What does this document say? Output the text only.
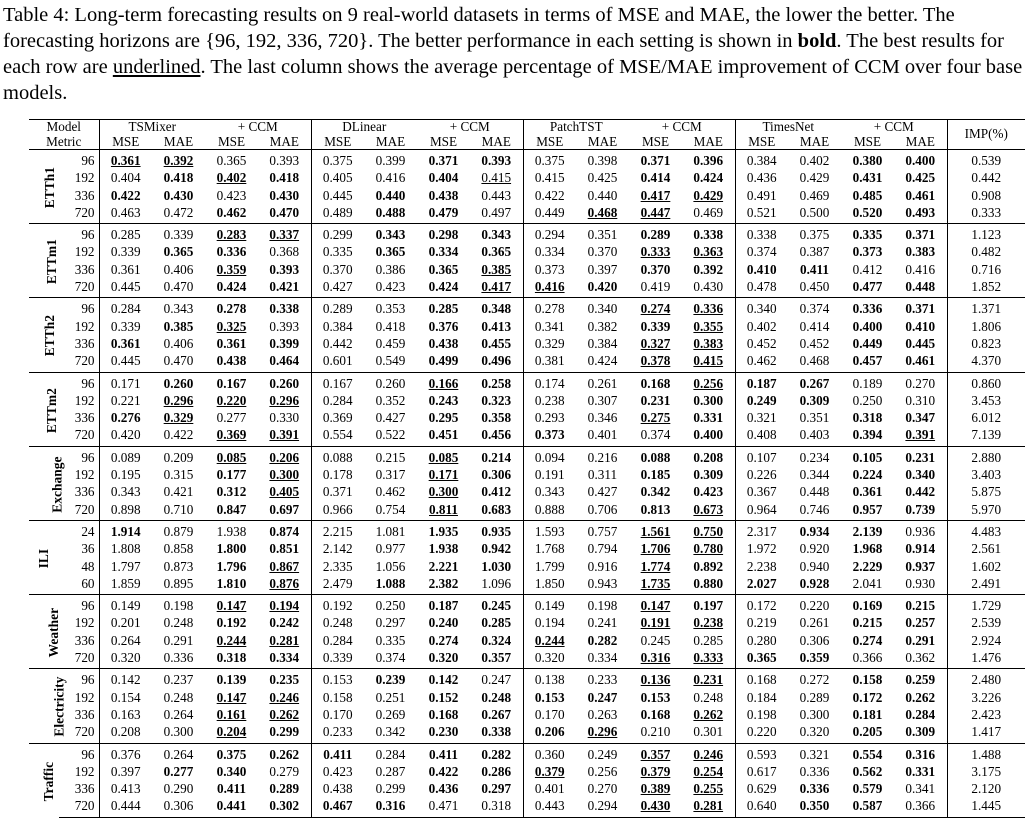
Table 4: Long-term forecasting results on 9 real-world datasets in terms of MSE and MAE, the lower the better. The forecasting horizons are {96, 192, 336, 720}. The better performance in each setting is shown in bold. The best results for each row are underlined. The last column shows the average percentage of MSE/MAE improvement of CCM over four base models.
Model		TSMixer		+ CCM		DLinear		+ CCM		PatchTST		+ CCM		TimesNet		+ CCM		IMP(%)
Metric		MSE	MAE	MSE	MAE	MSE	MAE	MSE	MAE	MSE	MAE	MSE	MAE	MSE	MAE	MSE	MAE	
ETTh1	96	0.361	0.392	0.365	0.393	0.375	0.399	0.371	0.393	0.375	0.398	0.371	0.396	0.384	0.402	0.380	0.400	0.539
	192	0.404	0.418	0.402	0.418	0.405	0.416	0.404	0.415	0.415	0.425	0.414	0.424	0.436	0.429	0.431	0.425	0.442
	336	0.422	0.430	0.423	0.430	0.445	0.440	0.438	0.443	0.422	0.440	0.417	0.429	0.491	0.469	0.485	0.461	0.908
	720	0.463	0.472	0.462	0.470	0.489	0.488	0.479	0.497	0.449	0.468	0.447	0.469	0.521	0.500	0.520	0.493	0.333
ETTm1	96	0.285	0.339	0.283	0.337	0.299	0.343	0.298	0.343	0.294	0.351	0.289	0.338	0.338	0.375	0.335	0.371	1.123
	192	0.339	0.365	0.336	0.368	0.335	0.365	0.334	0.365	0.334	0.370	0.333	0.363	0.374	0.387	0.373	0.383	0.482
	336	0.361	0.406	0.359	0.393	0.370	0.386	0.365	0.385	0.373	0.397	0.370	0.392	0.410	0.411	0.412	0.416	0.716
	720	0.445	0.470	0.424	0.421	0.427	0.423	0.424	0.417	0.416	0.420	0.419	0.430	0.478	0.450	0.477	0.448	1.852
ETTh2	96	0.284	0.343	0.278	0.338	0.289	0.353	0.285	0.348	0.278	0.340	0.274	0.336	0.340	0.374	0.336	0.371	1.371
	192	0.339	0.385	0.325	0.393	0.384	0.418	0.376	0.413	0.341	0.382	0.339	0.355	0.402	0.414	0.400	0.410	1.806
	336	0.361	0.406	0.361	0.399	0.442	0.459	0.438	0.455	0.329	0.384	0.327	0.383	0.452	0.452	0.449	0.445	0.823
	720	0.445	0.470	0.438	0.464	0.601	0.549	0.499	0.496	0.381	0.424	0.378	0.415	0.462	0.468	0.457	0.461	4.370
ETTm2	96	0.171	0.260	0.167	0.260	0.167	0.260	0.166	0.258	0.174	0.261	0.168	0.256	0.187	0.267	0.189	0.270	0.860
	192	0.221	0.296	0.220	0.296	0.284	0.352	0.243	0.323	0.238	0.307	0.231	0.300	0.249	0.309	0.250	0.310	3.453
	336	0.276	0.329	0.277	0.330	0.369	0.427	0.295	0.358	0.293	0.346	0.275	0.331	0.321	0.351	0.318	0.347	6.012
	720	0.420	0.422	0.369	0.391	0.554	0.522	0.451	0.456	0.373	0.401	0.374	0.400	0.408	0.403	0.394	0.391	7.139
Exchange	96	0.089	0.209	0.085	0.206	0.088	0.215	0.085	0.214	0.094	0.216	0.088	0.208	0.107	0.234	0.105	0.231	2.880
	192	0.195	0.315	0.177	0.300	0.178	0.317	0.171	0.306	0.191	0.311	0.185	0.309	0.226	0.344	0.224	0.340	3.403
	336	0.343	0.421	0.312	0.405	0.371	0.462	0.300	0.412	0.343	0.427	0.342	0.423	0.367	0.448	0.361	0.442	5.875
	720	0.898	0.710	0.847	0.697	0.966	0.754	0.811	0.683	0.888	0.706	0.813	0.673	0.964	0.746	0.957	0.739	5.970
ILI	24	1.914	0.879	1.938	0.874	2.215	1.081	1.935	0.935	1.593	0.757	1.561	0.750	2.317	0.934	2.139	0.936	4.483
	36	1.808	0.858	1.800	0.851	2.142	0.977	1.938	0.942	1.768	0.794	1.706	0.780	1.972	0.920	1.968	0.914	2.561
	48	1.797	0.873	1.796	0.867	2.335	1.056	2.221	1.030	1.799	0.916	1.774	0.892	2.238	0.940	2.229	0.937	1.602
	60	1.859	0.895	1.810	0.876	2.479	1.088	2.382	1.096	1.850	0.943	1.735	0.880	2.027	0.928	2.041	0.930	2.491
Weather	96	0.149	0.198	0.147	0.194	0.192	0.250	0.187	0.245	0.149	0.198	0.147	0.197	0.172	0.220	0.169	0.215	1.729
	192	0.201	0.248	0.192	0.242	0.248	0.297	0.240	0.285	0.194	0.241	0.191	0.238	0.219	0.261	0.215	0.257	2.539
	336	0.264	0.291	0.244	0.281	0.284	0.335	0.274	0.324	0.244	0.282	0.245	0.285	0.280	0.306	0.274	0.291	2.924
	720	0.320	0.336	0.318	0.334	0.339	0.374	0.320	0.357	0.320	0.334	0.316	0.333	0.365	0.359	0.366	0.362	1.476
Electricity	96	0.142	0.237	0.139	0.235	0.153	0.239	0.142	0.247	0.138	0.233	0.136	0.231	0.168	0.272	0.158	0.259	2.480
	192	0.154	0.248	0.147	0.246	0.158	0.251	0.152	0.248	0.153	0.247	0.153	0.248	0.184	0.289	0.172	0.262	3.226
	336	0.163	0.264	0.161	0.262	0.170	0.269	0.168	0.267	0.170	0.263	0.168	0.262	0.198	0.300	0.181	0.284	2.423
	720	0.208	0.300	0.204	0.299	0.233	0.342	0.230	0.338	0.206	0.296	0.210	0.301	0.220	0.320	0.205	0.309	1.417
Traffic	96	0.376	0.264	0.375	0.262	0.411	0.284	0.411	0.282	0.360	0.249	0.357	0.246	0.593	0.321	0.554	0.316	1.488
	192	0.397	0.277	0.340	0.279	0.423	0.287	0.422	0.286	0.379	0.256	0.379	0.254	0.617	0.336	0.562	0.331	3.175
	336	0.413	0.290	0.411	0.289	0.438	0.299	0.436	0.297	0.401	0.270	0.389	0.255	0.629	0.336	0.579	0.341	2.120
	720	0.444	0.306	0.441	0.302	0.467	0.316	0.471	0.318	0.443	0.294	0.430	0.281	0.640	0.350	0.587	0.366	1.445
